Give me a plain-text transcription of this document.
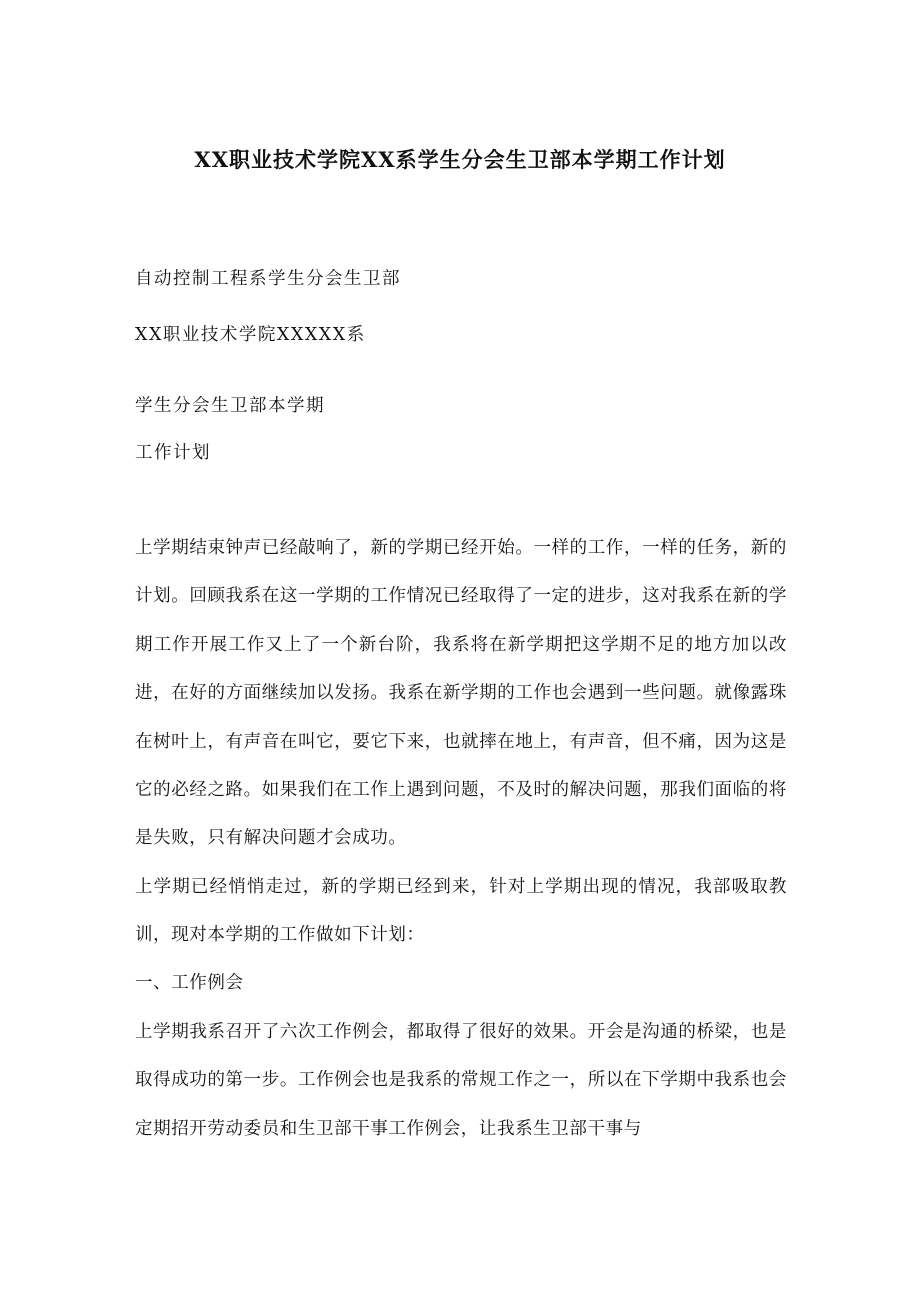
XX职业技术学院XX系学生分会生卫部本学期工作计划
自动控制工程系学生分会生卫部
XX职业技术学院XXXXX系
学生分会生卫部本学期
工作计划
上学期结束钟声已经敲响了，新的学期已经开始。一样的工作，一样的任务，新的计划。回顾我系在这一学期的工作情况已经取得了一定的进步，这对我系在新的学期工作开展工作又上了一个新台阶，我系将在新学期把这学期不足的地方加以改进，在好的方面继续加以发扬。我系在新学期的工作也会遇到一些问题。就像露珠在树叶上，有声音在叫它，要它下来，也就摔在地上，有声音，但不痛，因为这是它的必经之路。如果我们在工作上遇到问题，不及时的解决问题，那我们面临的将是失败，只有解决问题才会成功。
上学期已经悄悄走过，新的学期已经到来，针对上学期出现的情况，我部吸取教训，现对本学期的工作做如下计划：
一、工作例会
上学期我系召开了六次工作例会，都取得了很好的效果。开会是沟通的桥梁，也是取得成功的第一步。工作例会也是我系的常规工作之一，所以在下学期中我系也会定期招开劳动委员和生卫部干事工作例会，让我系生卫部干事与
